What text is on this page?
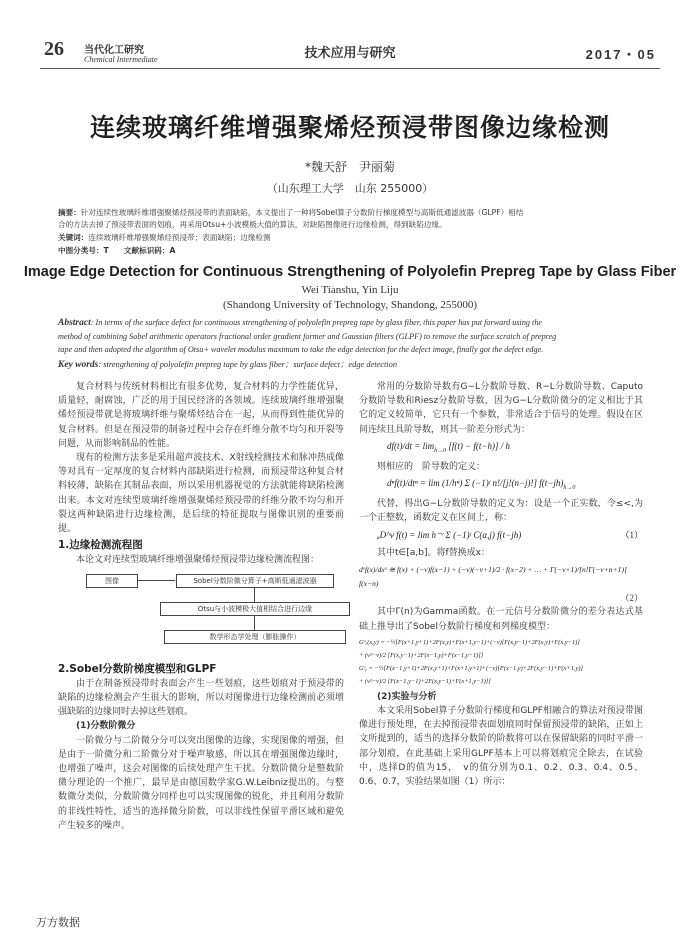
26 当代化工研究
Chemical Intermediate	技术应用与研究	2017・05
连续玻璃纤维增强聚烯烃预浸带图像边缘检测
*魏天舒　尹丽菊
（山东理工大学　山东 255000）
摘要：针对连续性玻璃纤维增强聚烯烃预浸带的表面缺陷，本文提出了一种将Sobel算子分数阶行梯度模型与高斯低通滤波器（GLPF）相结
合的方法去掉了预浸带表面的划痕，再采用Otsu+小波模极大值的算法，对缺陷图像进行边缘检测，得到缺陷边缘。
关键词：连续玻璃纤维增强聚烯烃预浸带；表面缺陷；边缘检测
中图分类号：T　　文献标识码：A
Image Edge Detection for Continuous Strengthening of Polyolefin Prepreg Tape by Glass Fiber
Wei Tianshu, Yin Liju
(Shandong University of Technology, Shandong, 255000)
Abstract: In terms of the surface defect for continuous strengthening of polyolefin prepreg tape by glass fiber, this paper has put forward using the
method of combining Sobel arithmetic operators fractional order gradient former and Gaussian filters (GLPF) to remove the surface scratch of prepreg
tape and then adopted the algorithm of Otsu+ wavelet modulus maximum to take the edge detection for the defect image, finally got the defect edge.
Key words: strengthening of polyolefin prepreg tape by glass fiber；surface defect；edge detection

复合材料与传统材料相比有很多优势，复合材料的力学性能优异，质量轻，耐腐蚀，广泛的用于国民经济的各领域。连续玻璃纤维增强聚烯烃预浸带就是将玻璃纤维与聚烯烃结合在一起，从而得到性能优异的复合材料。但是在预浸带的制备过程中会存在纤维分散不均匀和开裂等问题，从而影响制品的性能。

现有的检测方法多是采用超声波技术、X射线检测技术和脉冲热成像等对具有一定厚度的复合材料内部缺陷进行检测，而预浸带这种复合材料较薄，缺陷在其制品表面，所以采用机器视觉的方法就能将缺陷检测出来。本文对连续型玻璃纤维增强聚烯烃预浸带的纤维分散不均匀和开裂这两种缺陷进行边缘检测，是后续的特征提取与图像识别的重要前提。

1.边缘检测流程图

本论文对连续型玻璃纤维增强聚烯烃预浸带边缘检测流程图：

图像	Sobel分数阶微分算子+高斯低通滤波器
Otsu与小波模极大值相结合进行边缘
数学形态学处理（膨胀操作）
2.Sobel分数阶梯度模型和GLPF

由于在制备预浸带时表面会产生一些划痕，这些划痕对于预浸带的缺陷的边缘检测会产生很大的影响，所以对图像进行边缘检测前必须增强缺陷的边缘同时去掉这些划痕。

(1)分数阶微分

一阶微分与二阶微分分可以突出图像的边缘，实现图像的增强，但是由于一阶微分和二阶微分对于噪声敏感，所以其在增强图像边缘时，也增强了噪声，这会对图像的后续处理产生干扰。分数阶微分是整数阶微分理论的一个推广，最早是由德国数学家G.W.Leibniz提出的。与整数微分类似，分数阶微分同样也可以实现图像的锐化，并且利用分数阶的非线性特性，适当的选择微分阶数，可以非线性保留平滑区域和避免产生较多的噪声。

常用的分数阶导数有G−L分数阶导数、R−L分数阶导数、Caputo分数阶导数和Riesz分数阶导数，因为G−L分数阶微分的定义相比于其它的定义较简单，它只有一个参数，非常适合于信号的处理。假设在区间连续且具阶导数，则其一阶差分形式为：

$df(t)/dt = \lim_{h\to 0} [f(t) - f(t-h)] / h$

则相应的　阶导数的定义：

dⁿf(t)/dtⁿ = lim (1/hⁿ) Σ (−1)ʲ n!/[j!(n−j)!] $f(t-jh)_{h\to 0}$

代替，得出G−L分数阶导数的定义为：设是一个正实数，令≤<,为一个正整数，函数定义在区间上，称：

ₐD^v f(t) = lim h⁻ᵛ Σ (−1)ʲ C(α,j) f(t−jh)	（1）

其中t∈[a,b]。将f替换成x：

dᵛf(x)/dxᵛ ≅ f(x) + (−v)f(x−1) + (−v)(−v+1)/2 · f(x−2) + … + Γ(−v+1)/[n!Γ(−v+n+1)] f(x−n)
（2）

其中Γ(n)为Gamma函数。在一元信号分数阶微分的差分表达式基础上推导出了Sobel分数阶行梯度和列梯度模型：

Gᵛₓ(x,y) = −½[F(x+1,y+1)+2F(x,y)+F(x+1,y−1)+(−v)[F(x,y−1)+2F(x,y)+F(x,y−1)]
+ (v²−v)/2 [F(x,y−1)+2F(x−1,y)+F(x−1,y−1)]]
Gᵛᵧ = −½[F(x−1,y+1)+2F(x,y+1)+F(x+1,y+1)+(−v)[F(x−1,y)+2F(x,y−1)+F(x+1,y)]
+ (v²−v)/2 [F(x−1,y−1)+2F(x,y−1)+F(x+1,y−1)]]
(2)实验与分析

本文采用Sobel算子分数阶行梯度和GLPF相融合的算法对预浸带图像进行预处理，在去掉预浸带表面划痕同时保留预浸带的缺陷，正如上文所提到的，适当的选择分数阶的阶数将可以在保留缺陷的同时平滑一部分划痕，在此基础上采用GLPF基本上可以将划痕完全除去，在试验中，选择D的值为15，　v的值分别为0.1、0.2、0.3、0.4、0.5、0.6、0.7，实验结果如图（1）所示：

万方数据
